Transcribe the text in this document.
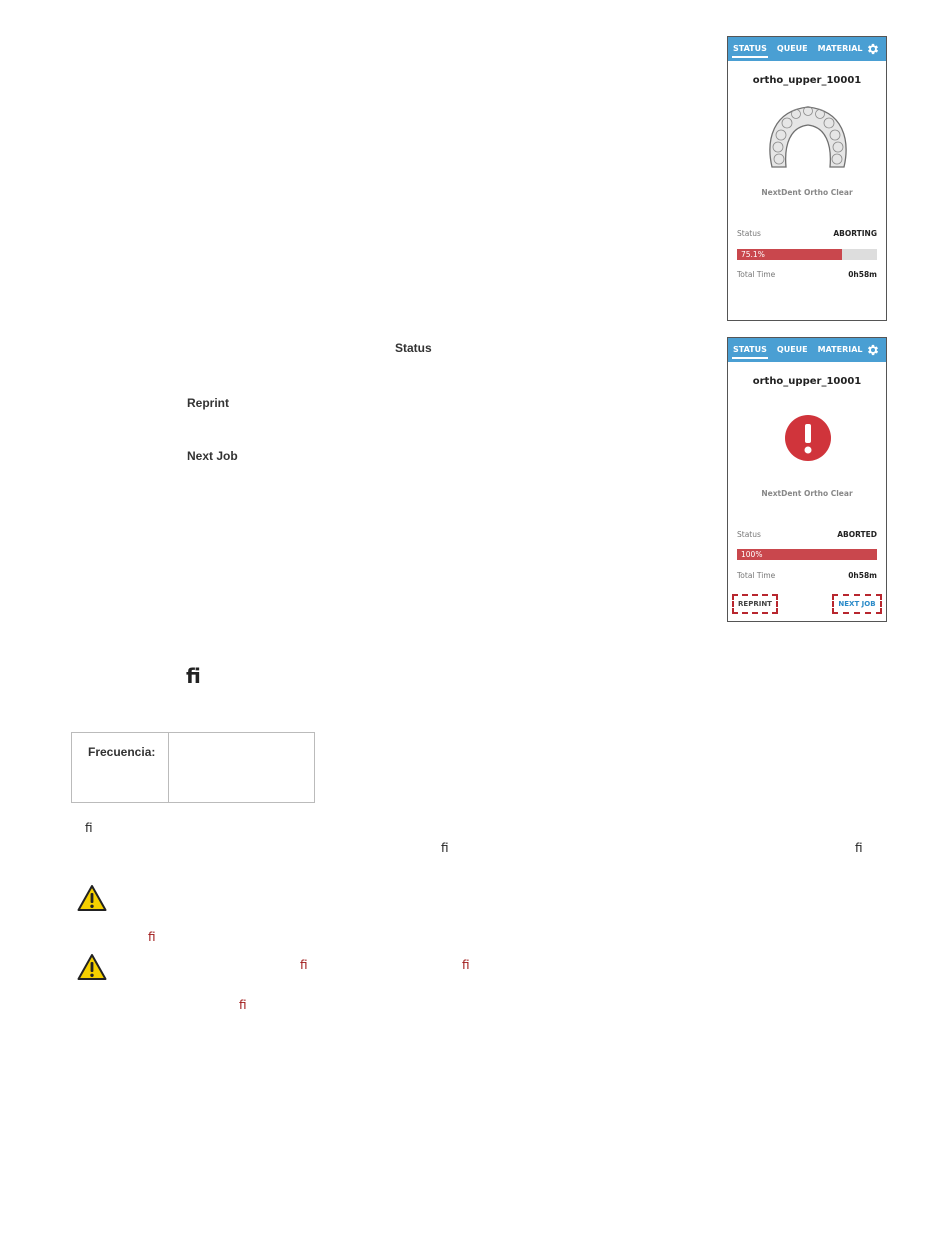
STATUS	QUEUE	MATERIAL
ortho_upper_10001
NextDent Ortho Clear
Status	ABORTING
75.1%
Total Time	0h58m
STATUS	QUEUE	MATERIAL
ortho_upper_10001
NextDent Ortho Clear
Status	ABORTED
100%
Total Time	0h58m
REPRINT	NEXT JOB
Status
Reprint
Next Job
ﬁ
Frecuencia:	
ﬁ
ﬁ	ﬁ
ﬁ
ﬁ	ﬁ
ﬁ
